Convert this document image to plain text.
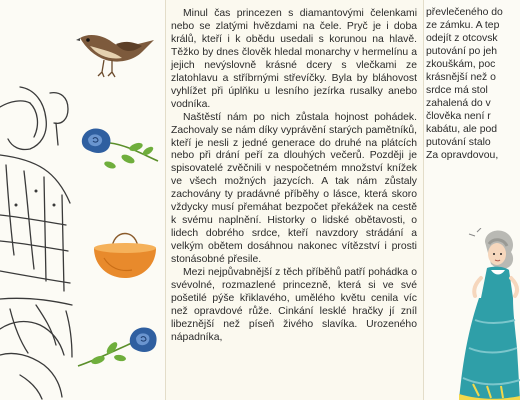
Minul čas princezen s diamantovými čelenkami nebo se zlatými hvězdami na čele. Pryč je i doba králů, kteří i k obědu usedali s korunou na hlavě. Těžko by dnes člověk hledal monarchy v hermelínu a jejich nevýslovně krásné dcery s vlečkami ze zlatohlavu a stříbrnými střevíčky. Byla by bláhovost vyhlížet při úplňku u lesního jezírka rusalky anebo vodníka.

Naštěstí nám po nich zůstala hojnost pohádek. Zachovaly se nám díky vyprávění starých pamětníků, kteří je nesli z jedné generace do druhé na plátcích nebo při drání peří za dlouhých večerů. Později je spisovatelé zvěčnili v nespočetném množství knížek ve všech možných jazycích. A tak nám zůstaly zachovány ty pradávné příběhy o lásce, která skoro vždycky musí přemáhat bezpočet překážek na cestě k svému naplnění. Historky o lidské obětavosti, o lidech dobrého srdce, kteří navzdory strádání a velkým obětem dosáhnou nakonec vítězství i prosti stonásobné přesile.

Mezi nejpůvabnější z těch příběhů patří pohádka o svévolné, rozmazlené princezně, která si ve své pošetilé pýše křiklavého, umělého květu cenila víc než opravdové růže. Cinkání lesklé hračky jí zníl libeznější než píseň živého slavíka. Urozeného nápadníka,

převlečeného do
ze zámku. A tep
odejít z otcovsk
putování po jeh
zkouškám, poc
krásnější než o
srdce má stol
zahalená do v
člověka není r
kabátu, ale pod
putování stalo
Za opravdovou,
